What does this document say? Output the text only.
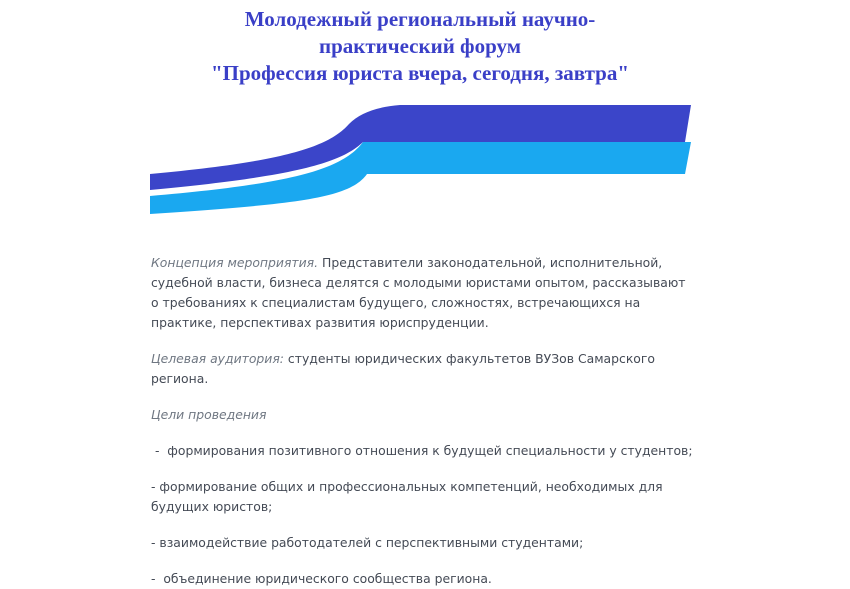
Молодежный региональный научно-
практический форум
"Профессия юриста вчера, сегодня, завтра"

Концепция мероприятия. Представители законодательной, исполнительной, судебной власти, бизнеса делятся с молодыми юристами опытом, рассказывают о требованиях к специалистам будущего, сложностях, встречающихся на практике, перспективах развития юриспруденции.

Целевая аудитория: студенты юридических факультетов ВУЗов Самарского региона.

Цели проведения

-  формирования позитивного отношения к будущей специальности у студентов;

- формирование общих и профессиональных компетенций, необходимых для будущих юристов;

- взаимодействие работодателей с перспективными студентами;

-  объединение юридического сообщества региона.
